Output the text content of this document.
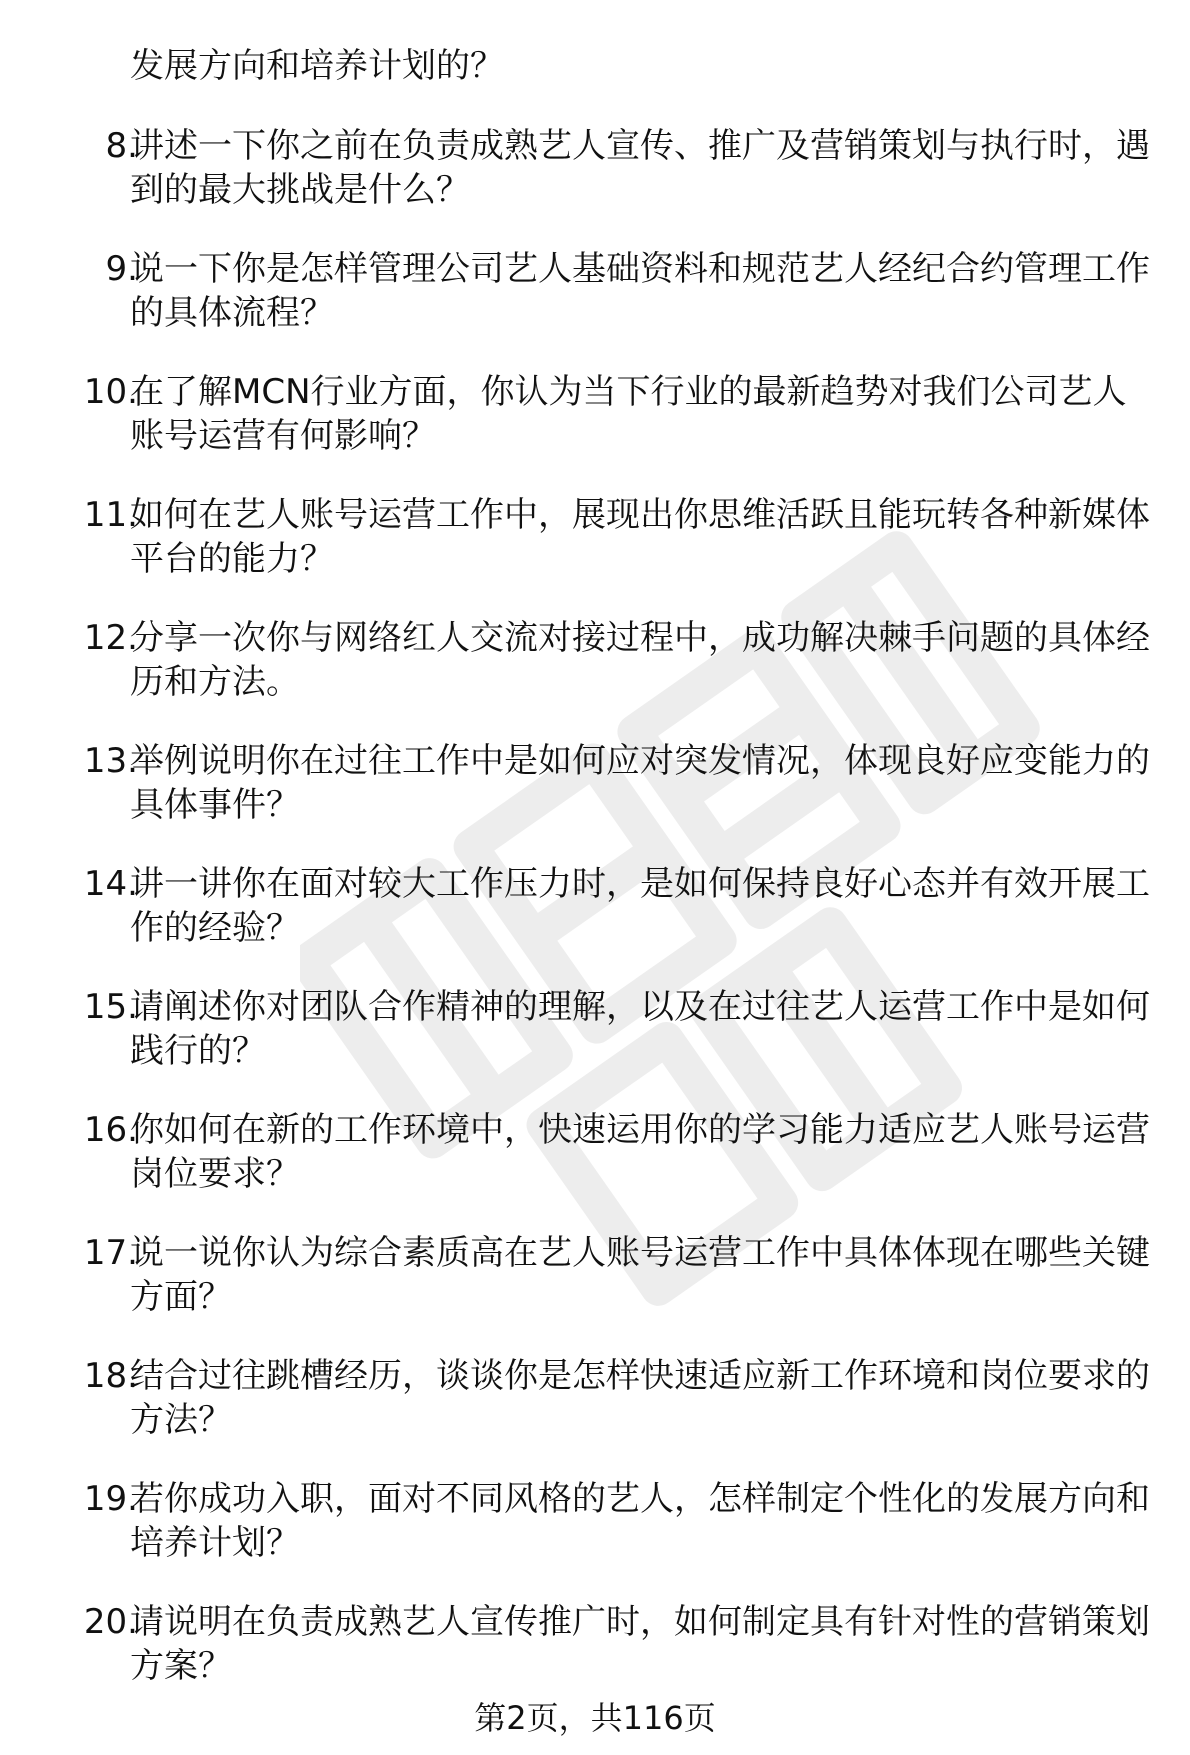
发展方向和培养计划的？
8.
讲述一下你之前在负责成熟艺人宣传、推广及营销策划与执行时，遇到的最大挑战是什么？
9.
说一下你是怎样管理公司艺人基础资料和规范艺人经纪合约管理工作的具体流程？
10.
在了解MCN行业方面，你认为当下行业的最新趋势对我们公司艺人账号运营有何影响？
11.
如何在艺人账号运营工作中，展现出你思维活跃且能玩转各种新媒体平台的能力？
12.
分享一次你与网络红人交流对接过程中，成功解决棘手问题的具体经历和方法。
13.
举例说明你在过往工作中是如何应对突发情况，体现良好应变能力的具体事件？
14.
讲一讲你在面对较大工作压力时，是如何保持良好心态并有效开展工作的经验？
15.
请阐述你对团队合作精神的理解，以及在过往艺人运营工作中是如何践行的？
16.
你如何在新的工作环境中，快速运用你的学习能力适应艺人账号运营岗位要求？
17.
说一说你认为综合素质高在艺人账号运营工作中具体体现在哪些关键方面？
18.
结合过往跳槽经历，谈谈你是怎样快速适应新工作环境和岗位要求的方法？
19.
若你成功入职，面对不同风格的艺人，怎样制定个性化的发展方向和培养计划？
20.
请说明在负责成熟艺人宣传推广时，如何制定具有针对性的营销策划方案？
第2页，共116页
